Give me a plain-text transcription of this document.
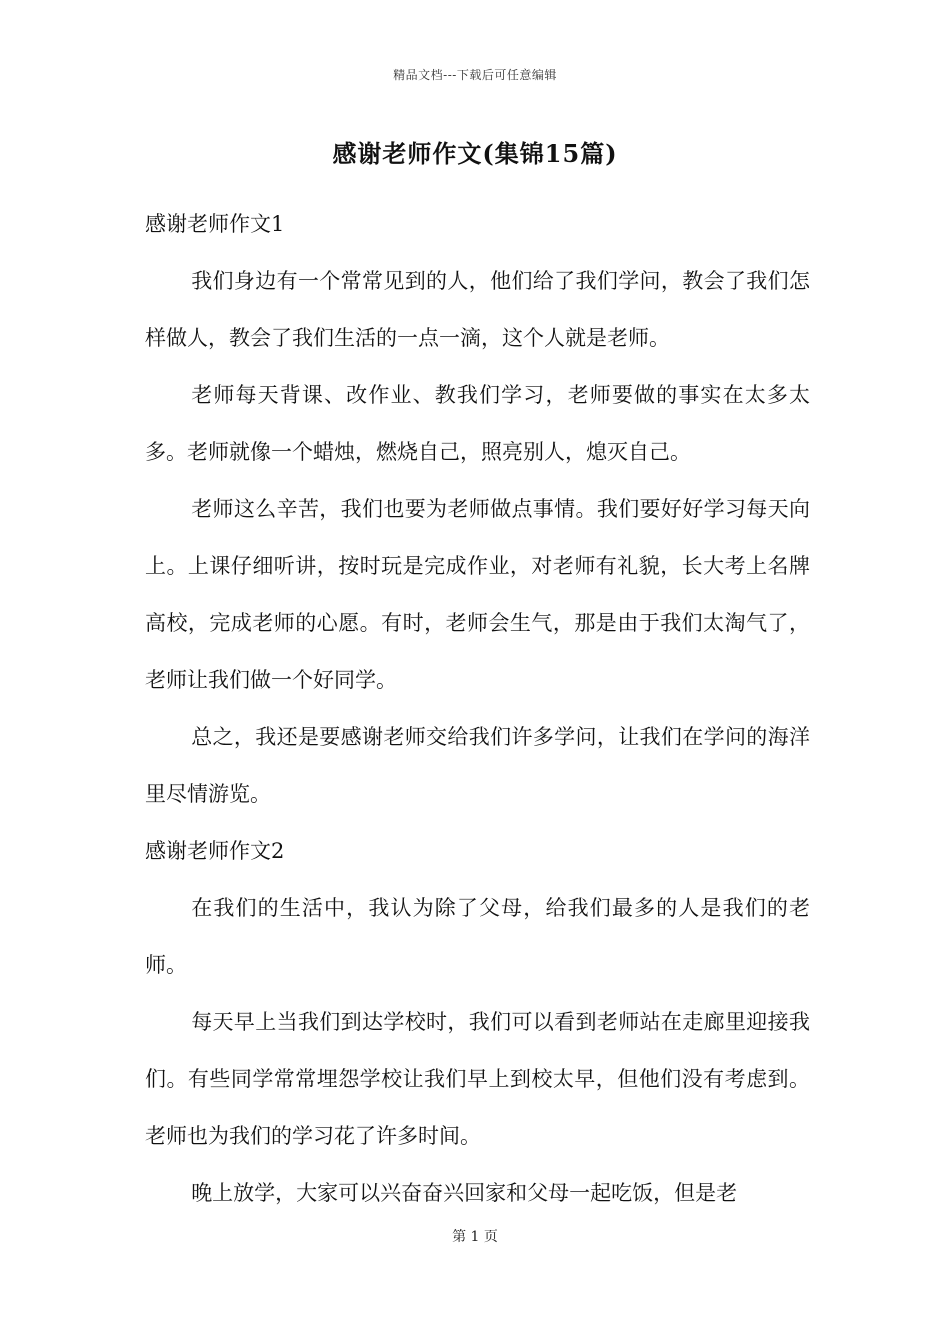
精品文档---下载后可任意编辑
感谢老师作文(集锦15篇)

感谢老师作文1

我们身边有一个常常见到的人，他们给了我们学问，教会了我们怎样做人，教会了我们生活的一点一滴，这个人就是老师。

老师每天背课、改作业、教我们学习，老师要做的事实在太多太多。老师就像一个蜡烛，燃烧自己，照亮别人，熄灭自己。

老师这么辛苦，我们也要为老师做点事情。我们要好好学习每天向上。上课仔细听讲，按时玩是完成作业，对老师有礼貌，长大考上名牌高校，完成老师的心愿。有时，老师会生气，那是由于我们太淘气了，老师让我们做一个好同学。

总之，我还是要感谢老师交给我们许多学问，让我们在学问的海洋里尽情游览。

感谢老师作文2

在我们的生活中，我认为除了父母，给我们最多的人是我们的老师。

每天早上当我们到达学校时，我们可以看到老师站在走廊里迎接我们。有些同学常常埋怨学校让我们早上到校太早，但他们没有考虑到。老师也为我们的学习花了许多时间。

晚上放学，大家可以兴奋奋兴回家和父母一起吃饭，但是老

第 1 页
